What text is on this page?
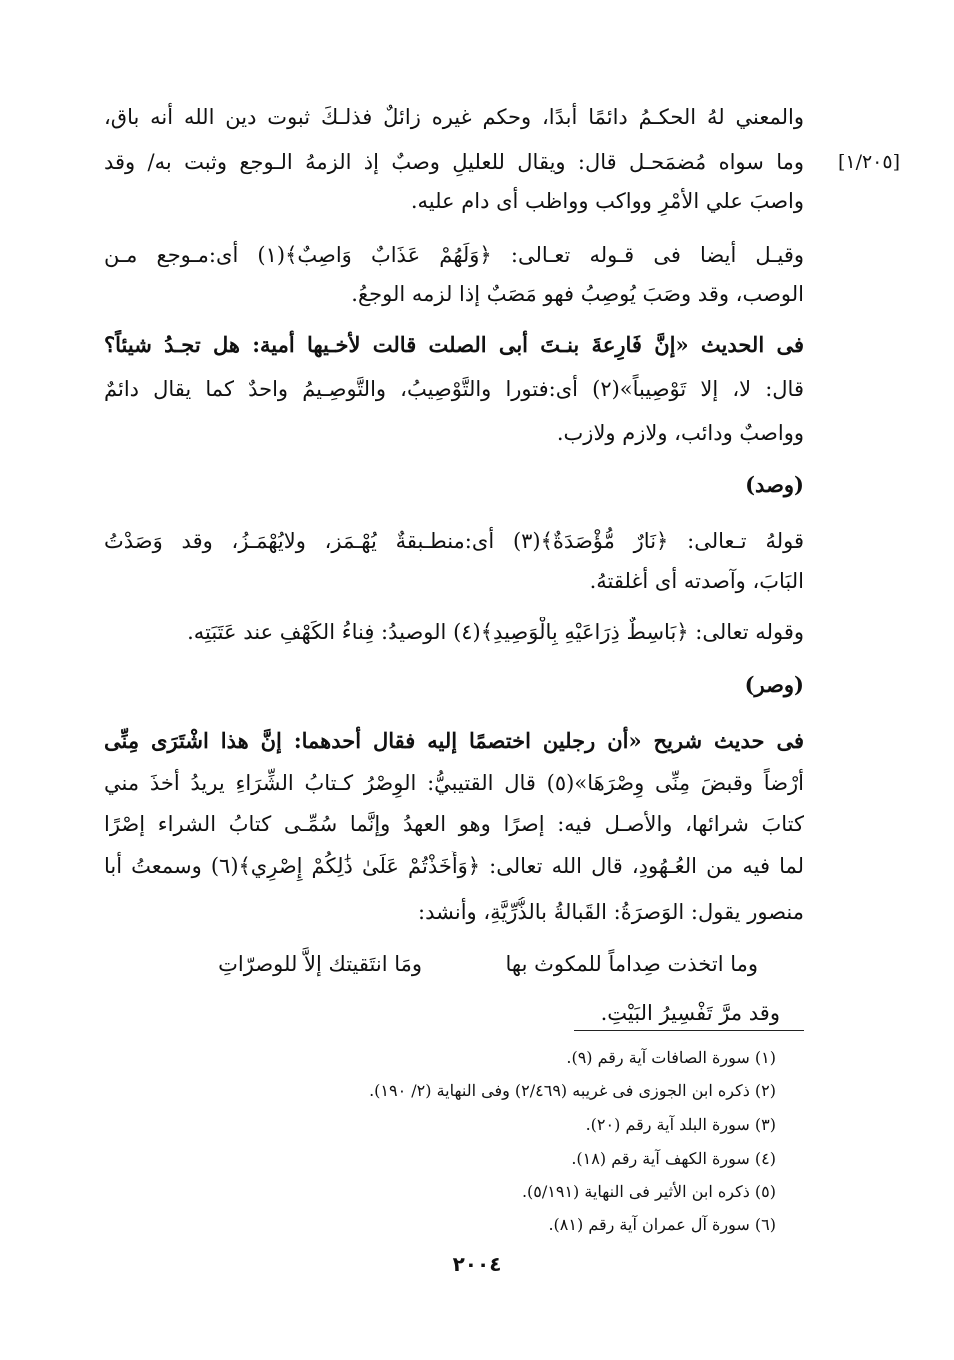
والمعني لهُ الحكـمُ دائمًا أبدًا، وحكم غيره زائلٌ فذلـكَ ثبوت دين الله أنه باق،
[١/٢٠٥]
وما سواه مُضمَحـل قال: ويقال للعليلِ وصبٌ إذ الزمهُ الـوجع وثبت به/ وقد
واصبَ علي الأمْرِ وواكب وواظب أى دام عليه.
وقيـل أيضا فى قـوله تعـالى: ﴿وَلَهُمْ عَذَابٌ وَاصِبٌ﴾(١) أى:مـوجع مـن
الوصب، وقد وصَبَ يُوصِبُ فهو مَصَبٌ إذا لزمه الوجعُ.
فى الحديث «إنَّ فَارِعةَ بنـتَ أبى الصلت قالت لأخـيها أمية: هل تجـدُ شيئاً؟
قال: لا، إلا تَوْصِيباً»(٢) أى:فتورا والتَّوْصِيبُ، والتَّوصِـيمُ واحدٌ كما يقال دائمٌ
وواصبٌ ودائب، ولازم ولازب.
(وصد)
قولهُ تـعالى: ﴿نَارٌ مُّؤْصَدَةٌ﴾(٣) أى:منطـبقةٌ يُهْـمَز، ولايُهْمَـزُ، وقد وَصَدْتُ
البَابَ، وآصدته أى أغلقتهُ.
وقوله تعالى: ﴿بَاسِطٌ ذِرَاعَيْهِ بِالْوَصِيدِ﴾(٤) الوصيدُ: فِناءُ الكَهْفِ عند عَتَبَتِه.
(وصر)
فى حديث شريح «أن رجلين اختصمًا إليه فقال أحدهما: إنَّ هذا اشْتَرَى مِنِّى
أرْضاً وقبضَ مِنِّى وِصْرَهَا»(٥) قال القتيبيُّ: الوِصْرُ كـتابُ الشِّرَاءِ يريدُ أخذَ مني
كتابَ شرائها، والأصـل فيه: إصرًا وهو العهدُ وإنَّما سُمِّـى كتابُ الشراء إصْرًا
لما فيه من العُـهُودِ، قال الله تعالى: ﴿وَأَخَذْتُمْ عَلَىٰ ذَٰلِكُمْ إِصْرِي﴾(٦) وسمعتُ أبا
منصور يقول: الوَصرَةُ: القَبالةُ بالذُّرِّيَّةِ، وأنشد:
وما اتخذت صِداماً للمكوث بها
ومَا انتَقيتك إلاَّ للوصرّاتِ
وقد مرَّ تَفْسِيرُ البَيْتِ.
(١) سورة الصافات آية رقم (٩).
(٢) ذكره ابن الجوزى فى غريبه (٢/٤٦٩) وفى النهاية (٢/ ١٩٠).
(٣) سورة البلد آية رقم (٢٠).
(٤) سورة الكهف آية رقم (١٨).
(٥) ذكره ابن الأثير فى النهاية (٥/١٩١).
(٦) سورة آل عمران آية رقم (٨١).
٢٠٠٤
